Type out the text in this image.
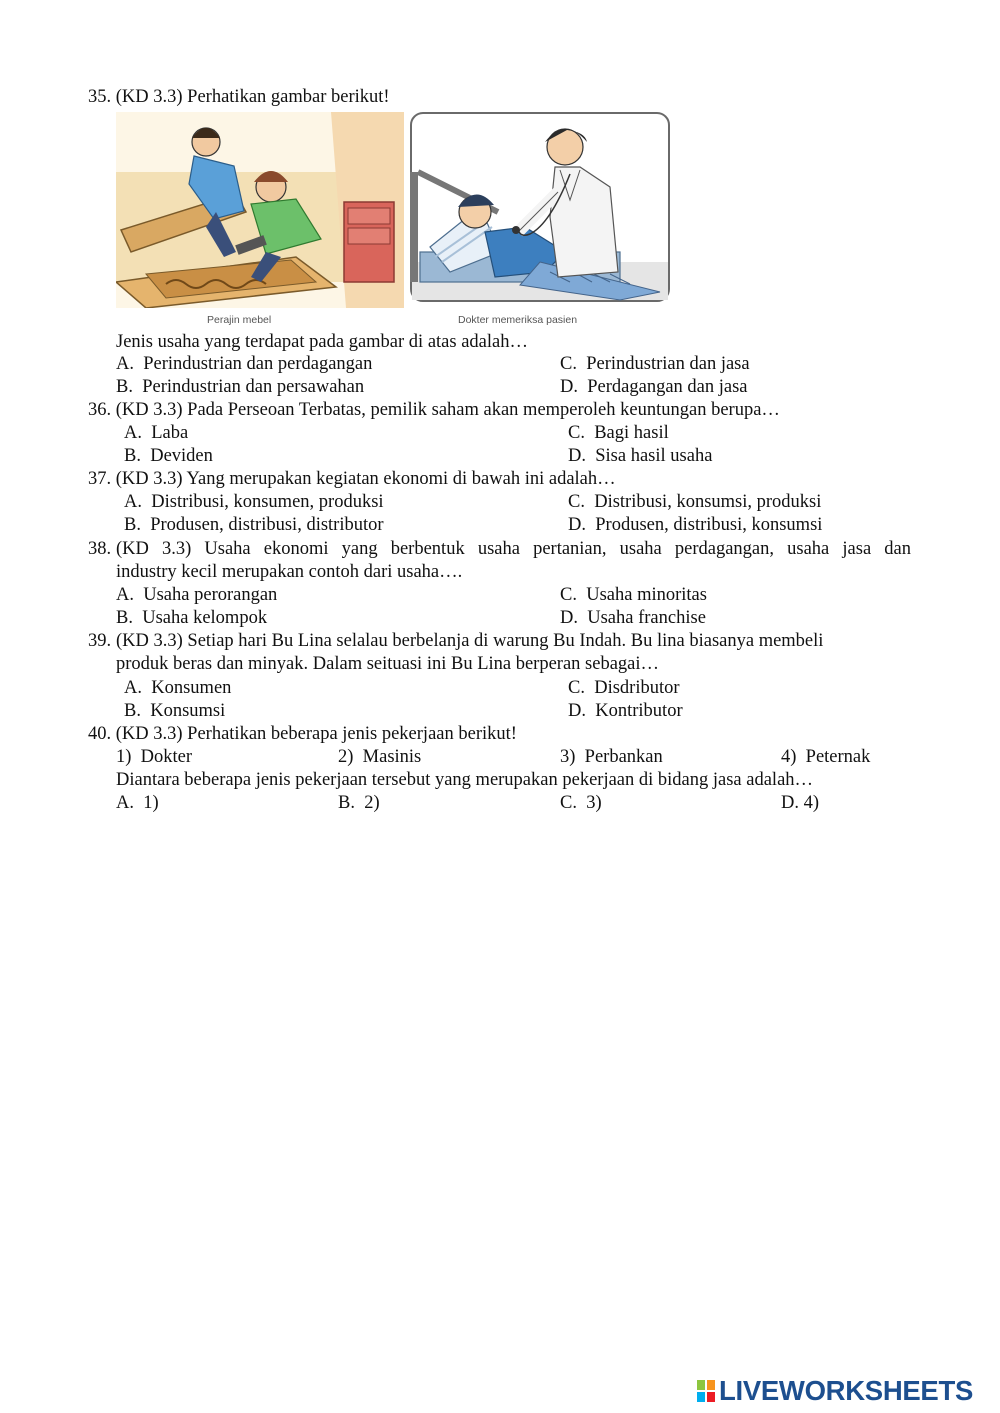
35. (KD 3.3) Perhatikan gambar berikut!
Perajin mebel	Dokter memeriksa pasien
Jenis usaha yang terdapat pada gambar di atas adalah…
A. Perindustrian dan perdagangan
B. Perindustrian dan persawahan
C. Perindustrian dan jasa
D. Perdagangan dan jasa
36. (KD 3.3) Pada Perseoan Terbatas, pemilik saham akan memperoleh keuntungan berupa…
A. Laba
B. Deviden
C. Bagi hasil
D. Sisa hasil usaha
37. (KD 3.3) Yang merupakan kegiatan ekonomi di bawah ini adalah…
A. Distribusi, konsumen, produksi
B. Produsen, distribusi, distributor
C. Distribusi, konsumsi, produksi
D. Produsen, distribusi, konsumsi
38. (KD 3.3) Usaha ekonomi yang berbentuk usaha pertanian, usaha perdagangan, usaha jasa dan
industry kecil merupakan contoh dari usaha….
A. Usaha perorangan
B. Usaha kelompok
C. Usaha minoritas
D. Usaha franchise
39. (KD 3.3) Setiap hari Bu Lina selalau berbelanja di warung Bu Indah. Bu lina biasanya membeli
produk beras dan minyak. Dalam seituasi ini Bu Lina berperan sebagai…
A. Konsumen
B. Konsumsi
C. Disdributor
D. Kontributor
40. (KD 3.3) Perhatikan beberapa jenis pekerjaan berikut!
1) Dokter	2) Masinis	3) Perbankan	4) Peternak
Diantara beberapa jenis pekerjaan tersebut yang merupakan pekerjaan di bidang jasa adalah…
A. 1)	B. 2)	C. 3)	D. 4)
LIVEWORKSHEETS
